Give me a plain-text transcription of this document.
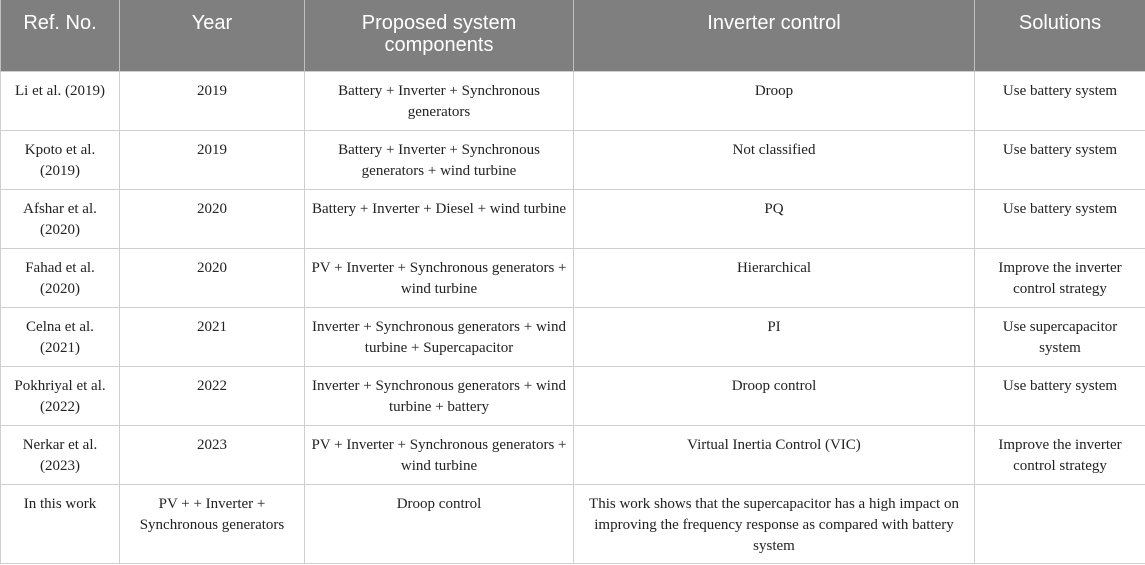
Ref. No.	Year	Proposed system components	Inverter control	Solutions
Li et al. (2019)	2019	Battery + Inverter + Synchronous generators	Droop	Use battery system
Kpoto et al. (2019)	2019	Battery + Inverter + Synchronous generators + wind turbine	Not classified	Use battery system
Afshar et al. (2020)	2020	Battery + Inverter + Diesel + wind turbine	PQ	Use battery system
Fahad et al. (2020)	2020	PV + Inverter + Synchronous generators + wind turbine	Hierarchical	Improve the inverter control strategy
Celna et al. (2021)	2021	Inverter + Synchronous generators + wind turbine + Supercapacitor	PI	Use supercapacitor system
Pokhriyal et al. (2022)	2022	Inverter + Synchronous generators + wind turbine + battery	Droop control	Use battery system
Nerkar et al. (2023)	2023	PV + Inverter + Synchronous generators + wind turbine	Virtual Inertia Control (VIC)	Improve the inverter control strategy
In this work	PV + + Inverter + Synchronous generators	Droop control	This work shows that the supercapacitor has a high impact on improving the frequency response as compared with battery system	
